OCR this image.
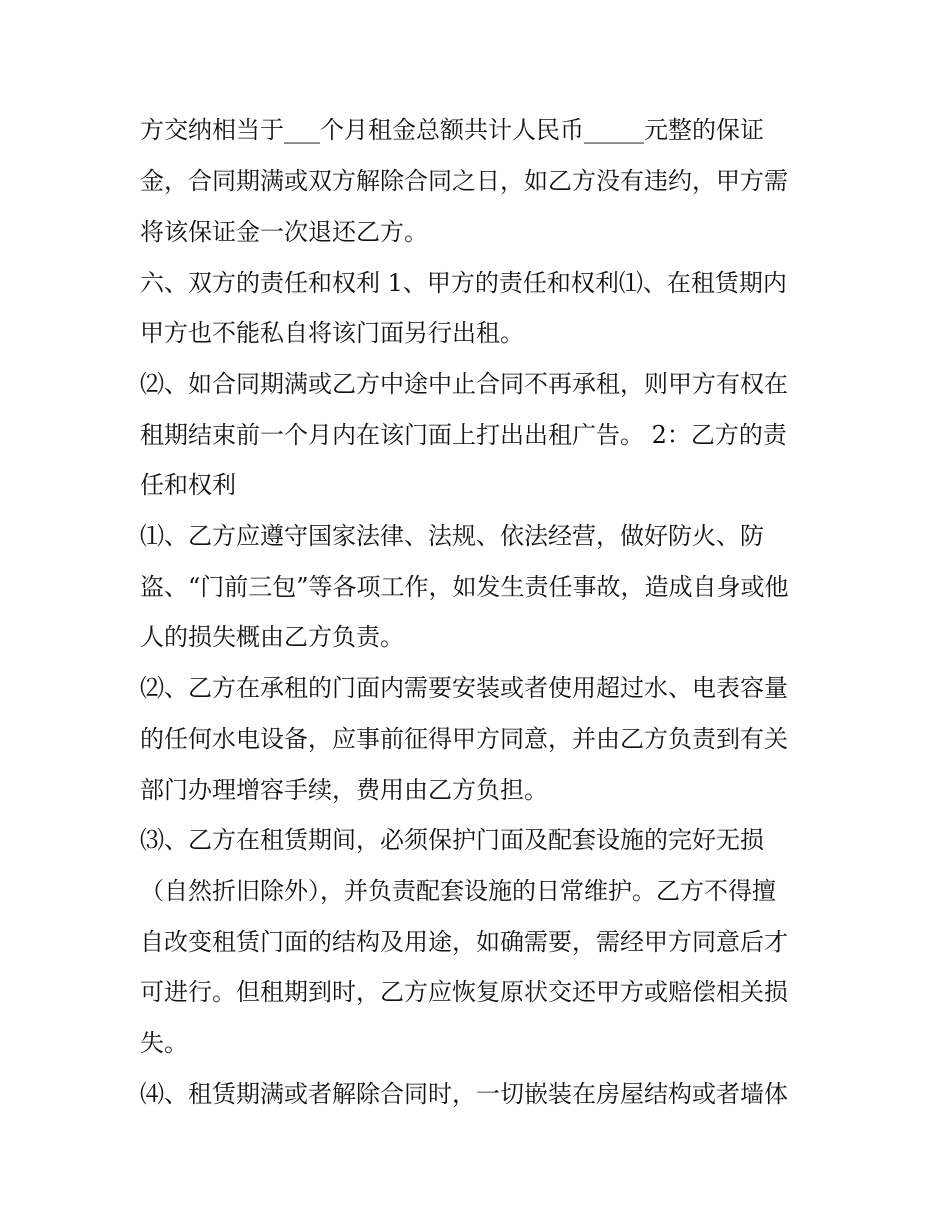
方交纳相当于___个月租金总额共计人民币_____元整的保证
金，合同期满或双方解除合同之日，如乙方没有违约，甲方需
将该保证金一次退还乙方。
六、双方的责任和权利 1、甲方的责任和权利⑴、在租赁期内
甲方也不能私自将该门面另行出租。
⑵、如合同期满或乙方中途中止合同不再承租，则甲方有权在
租期结束前一个月内在该门面上打出出租广告。 2：乙方的责
任和权利
⑴、乙方应遵守国家法律、法规、依法经营，做好防火、防
盗、“门前三包”等各项工作，如发生责任事故，造成自身或他
人的损失概由乙方负责。
⑵、乙方在承租的门面内需要安装或者使用超过水、电表容量
的任何水电设备，应事前征得甲方同意，并由乙方负责到有关
部门办理增容手续，费用由乙方负担。
⑶、乙方在租赁期间，必须保护门面及配套设施的完好无损
（自然折旧除外），并负责配套设施的日常维护。乙方不得擅
自改变租赁门面的结构及用途，如确需要，需经甲方同意后才
可进行。但租期到时，乙方应恢复原状交还甲方或赔偿相关损
失。
⑷、租赁期满或者解除合同时，一切嵌装在房屋结构或者墙体
